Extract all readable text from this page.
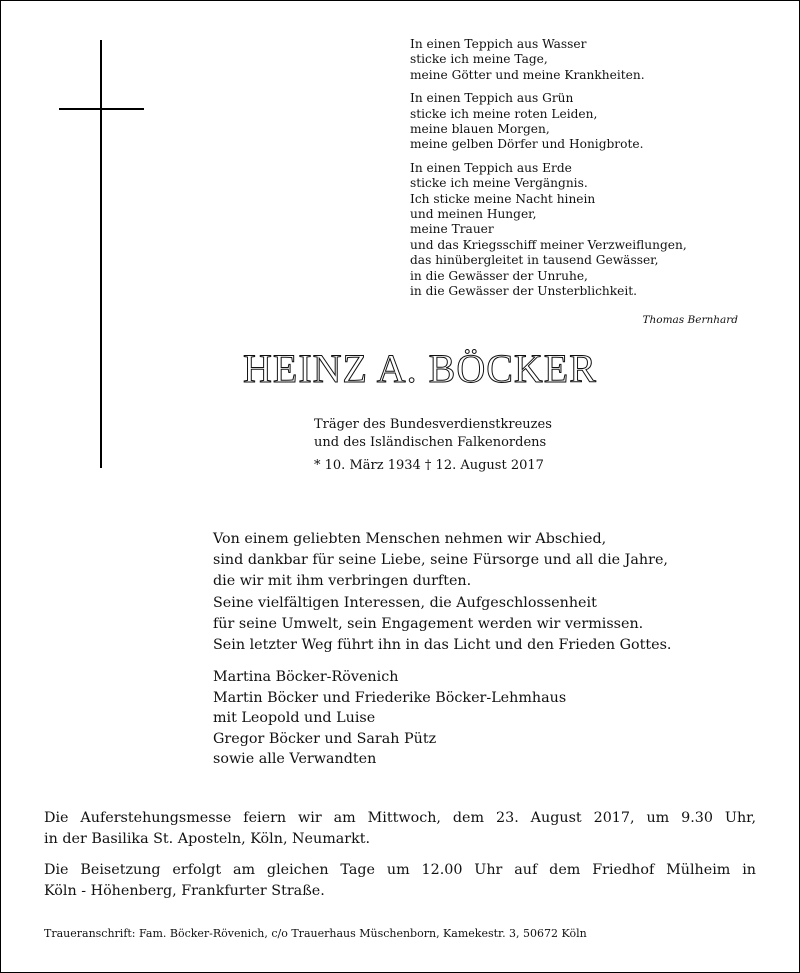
In einen Teppich aus Wasser
sticke ich meine Tage,
meine Götter und meine Krankheiten.
In einen Teppich aus Grün
sticke ich meine roten Leiden,
meine blauen Morgen,
meine gelben Dörfer und Honigbrote.
In einen Teppich aus Erde
sticke ich meine Vergängnis.
Ich sticke meine Nacht hinein
und meinen Hunger,
meine Trauer
und das Kriegsschiff meiner Verzweiflungen,
das hinübergleitet in tausend Gewässer,
in die Gewässer der Unruhe,
in die Gewässer der Unsterblichkeit.
Thomas Bernhard
HEINZ A. BÖCKER
Träger des Bundesverdienstkreuzes
und des Isländischen Falkenordens
* 10. März 1934 † 12. August 2017
Von einem geliebten Menschen nehmen wir Abschied,
sind dankbar für seine Liebe, seine Fürsorge und all die Jahre,
die wir mit ihm verbringen durften.
Seine vielfältigen Interessen, die Aufgeschlossenheit
für seine Umwelt, sein Engagement werden wir vermissen.
Sein letzter Weg führt ihn in das Licht und den Frieden Gottes.
Martina Böcker-Rövenich
Martin Böcker und Friederike Böcker-Lehmhaus
mit Leopold und Luise
Gregor Böcker und Sarah Pütz
sowie alle Verwandten
Die Auferstehungsmesse feiern wir am Mittwoch, dem 23. August 2017, um 9.30 Uhr,
in der Basilika St. Aposteln, Köln, Neumarkt.
Die Beisetzung erfolgt am gleichen Tage um 12.00 Uhr auf dem Friedhof Mülheim in
Köln - Höhenberg, Frankfurter Straße.
Traueranschrift: Fam. Böcker-Rövenich, c/o Trauerhaus Müschenborn, Kamekestr. 3, 50672 Köln
